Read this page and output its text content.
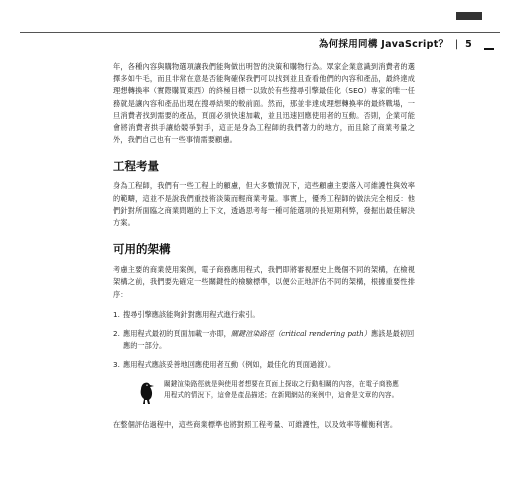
為何採用同構 JavaScript？ | 5

年，各種內容與購物選項讓我們能夠做出明智的決策和購物行為。眾家企業意識到消費者的選擇多如牛毛，而且非常在意是否能夠確保我們可以找到並且查看他們的內容和產品，最終達成理想轉換率（實際購買東西）的終極目標一以致於有些搜尋引擎最佳化（SEO）專家的唯一任務就是讓內容和產品出現在搜尋結果的較前面。然而，那並非達成理想轉換率的最終戰場，一旦消費者找到需要的產品，頁面必須快速加載，並且迅速回應使用者的互動。否則，企業可能會將消費者拱手讓給競爭對手，這正是身為工程師的我們著力的地方，而且除了商業考量之外，我們自己也有一些事情需要顧慮。

工程考量

身為工程師，我們有一些工程上的顧慮，但大多數情況下，這些顧慮主要落入可維護性與效率的範疇，這並不是說我們重技術淡策而輕商業考量。事實上，優秀工程師的做法完全相反：他們針對所面臨之商業問題的上下文，透過思考每一種可能選項的長短期利弊，發掘出最佳解決方案。

可用的架構

考慮主要的商業使用案例，電子商務應用程式，我們即將審視歷史上幾個不同的架構，在檢視架構之前，我們要先確定一些關鍵性的檢驗標準，以便公正地評估不同的架構，根據重要性排序：

1. 搜尋引擎應該能夠針對應用程式進行索引。
2. 應用程式最初的頁面加載一亦即，關鍵渲染路徑（critical rendering path）應該是最初回應的一部分。
3. 應用程式應該妥善地回應使用者互動（例如，最佳化的頁面過渡）。

關鍵渲染路徑就是與使用者想要在頁面上探取之行動相關的內容，在電子商務應用程式的情況下，這會是產品描述；在新聞網站的案例中，這會是文章的內容。

在整個評估過程中，這些商業標準也將對照工程考量、可維護性，以及效率等權衡利害。
